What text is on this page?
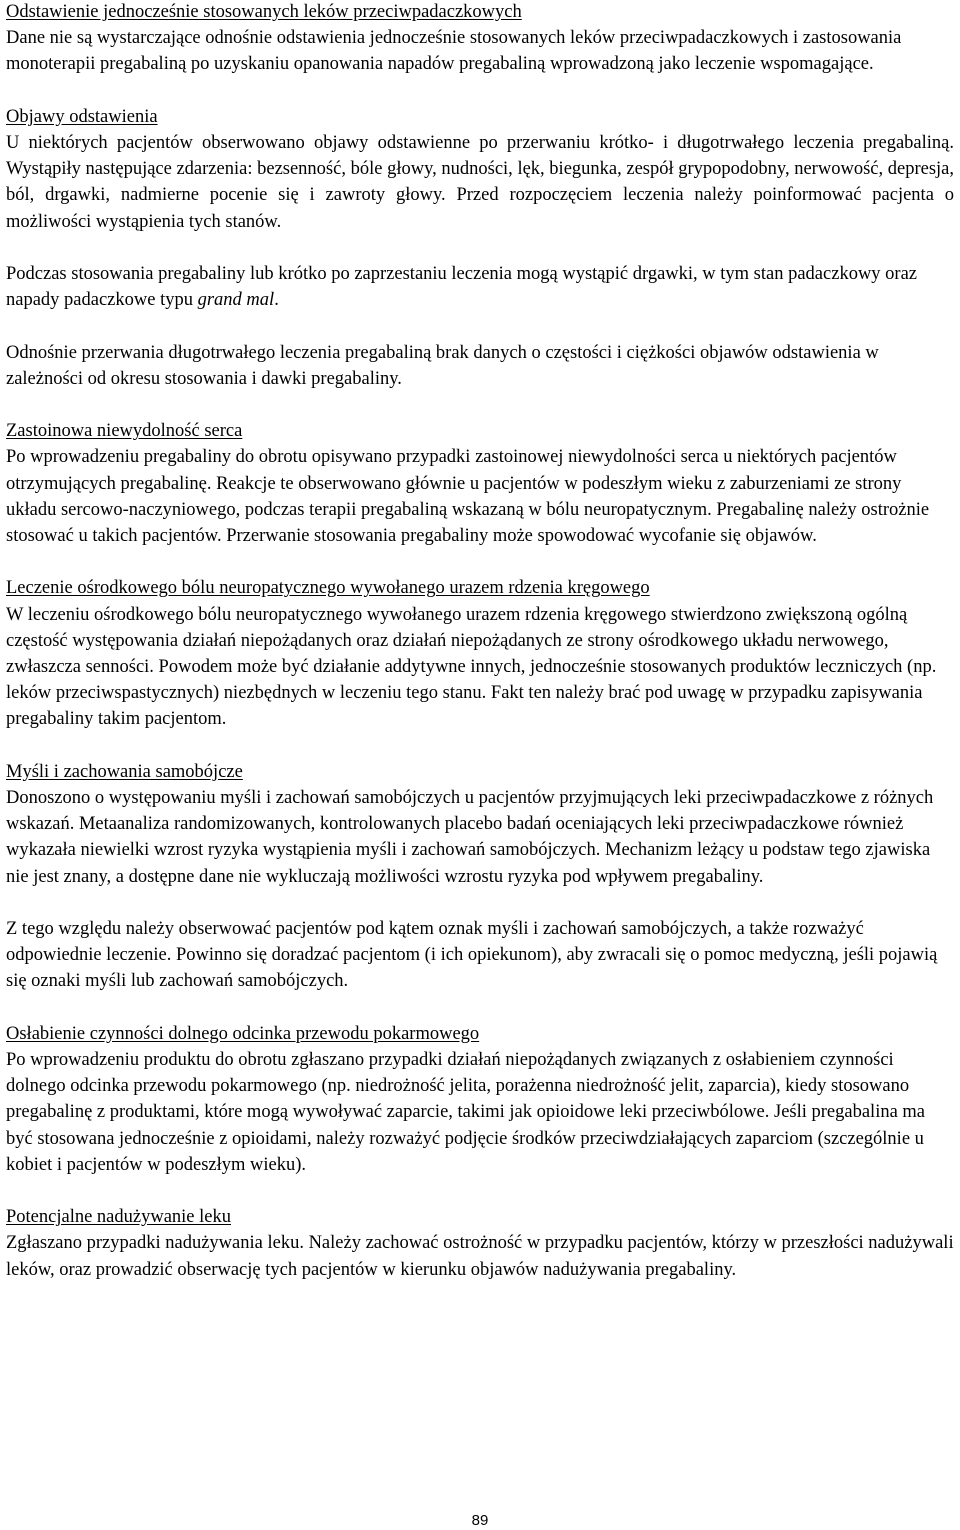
Odstawienie jednocześnie stosowanych leków przeciwpadaczkowych

Dane nie są wystarczające odnośnie odstawienia jednocześnie stosowanych leków przeciwpadaczkowych i zastosowania monoterapii pregabaliną po uzyskaniu opanowania napadów pregabaliną wprowadzoną jako leczenie wspomagające.

Objawy odstawienia

U niektórych pacjentów obserwowano objawy odstawienne po przerwaniu krótko- i długotrwałego leczenia pregabaliną. Wystąpiły następujące zdarzenia: bezsenność, bóle głowy, nudności, lęk, biegunka, zespół grypopodobny, nerwowość, depresja, ból, drgawki, nadmierne pocenie się i zawroty głowy. Przed rozpoczęciem leczenia należy poinformować pacjenta o możliwości wystąpienia tych stanów.

Podczas stosowania pregabaliny lub krótko po zaprzestaniu leczenia mogą wystąpić drgawki, w tym stan padaczkowy oraz napady padaczkowe typu grand mal.

Odnośnie przerwania długotrwałego leczenia pregabaliną brak danych o częstości i ciężkości objawów odstawienia w zależności od okresu stosowania i dawki pregabaliny.

Zastoinowa niewydolność serca

Po wprowadzeniu pregabaliny do obrotu opisywano przypadki zastoinowej niewydolności serca u niektórych pacjentów otrzymujących pregabalinę. Reakcje te obserwowano głównie u pacjentów w podeszłym wieku z zaburzeniami ze strony układu sercowo-naczyniowego, podczas terapii pregabaliną wskazaną w bólu neuropatycznym. Pregabalinę należy ostrożnie stosować u takich pacjentów. Przerwanie stosowania pregabaliny może spowodować wycofanie się objawów.

Leczenie ośrodkowego bólu neuropatycznego wywołanego urazem rdzenia kręgowego

W leczeniu ośrodkowego bólu neuropatycznego wywołanego urazem rdzenia kręgowego stwierdzono zwiększoną ogólną częstość występowania działań niepożądanych oraz działań niepożądanych ze strony ośrodkowego układu nerwowego, zwłaszcza senności. Powodem może być działanie addytywne innych, jednocześnie stosowanych produktów leczniczych (np. leków przeciwspastycznych) niezbędnych w leczeniu tego stanu. Fakt ten należy brać pod uwagę w przypadku zapisywania pregabaliny takim pacjentom.

Myśli i zachowania samobójcze

Donoszono o występowaniu myśli i zachowań samobójczych u pacjentów przyjmujących leki przeciwpadaczkowe z różnych wskazań. Metaanaliza randomizowanych, kontrolowanych placebo badań oceniających leki przeciwpadaczkowe również wykazała niewielki wzrost ryzyka wystąpienia myśli i zachowań samobójczych. Mechanizm leżący u podstaw tego zjawiska nie jest znany, a dostępne dane nie wykluczają możliwości wzrostu ryzyka pod wpływem pregabaliny.

Z tego względu należy obserwować pacjentów pod kątem oznak myśli i zachowań samobójczych, a także rozważyć odpowiednie leczenie. Powinno się doradzać pacjentom (i ich opiekunom), aby zwracali się o pomoc medyczną, jeśli pojawią się oznaki myśli lub zachowań samobójczych.

Osłabienie czynności dolnego odcinka przewodu pokarmowego

Po wprowadzeniu produktu do obrotu zgłaszano przypadki działań niepożądanych związanych z osłabieniem czynności dolnego odcinka przewodu pokarmowego (np. niedrożność jelita, porażenna niedrożność jelit, zaparcia), kiedy stosowano pregabalinę z produktami, które mogą wywoływać zaparcie, takimi jak opioidowe leki przeciwbólowe. Jeśli pregabalina ma być stosowana jednocześnie z opioidami, należy rozważyć podjęcie środków przeciwdziałających zaparciom (szczególnie u kobiet i pacjentów w podeszłym wieku).

Potencjalne nadużywanie leku

Zgłaszano przypadki nadużywania leku. Należy zachować ostrożność w przypadku pacjentów, którzy w przeszłości nadużywali leków, oraz prowadzić obserwację tych pacjentów w kierunku objawów nadużywania pregabaliny.

89
